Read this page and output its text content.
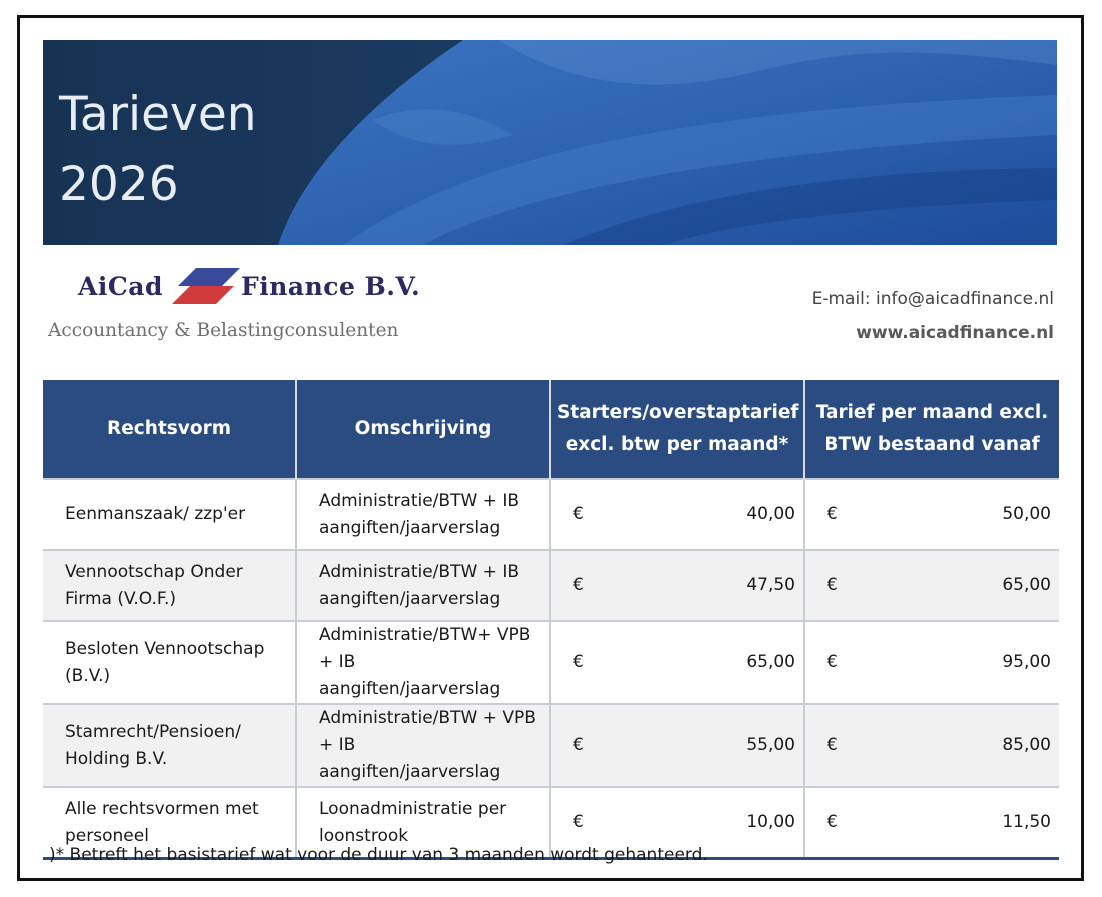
Tarieven
2026
AiCad	Finance B.V.
Accountancy & Belastingconsulenten
E-mail: info@aicadfinance.nl
www.aicadfinance.nl
Rechtsvorm	Omschrijving	Starters/overstaptarief excl. btw per maand*	Tarief per maand excl. BTW bestaand vanaf
Eenmanszaak/ zzp'er	Administratie/BTW + IB aangiften/jaarverslag	€ 40,00	€ 50,00

Vennootschap Onder Firma (V.O.F.)	Administratie/BTW + IB aangiften/jaarverslag	€ 47,50	€ 65,00

Besloten Vennootschap (B.V.)	Administratie/BTW+ VPB + IB aangiften/jaarverslag	€ 65,00	€ 95,00

Stamrecht/Pensioen/ Holding B.V.	Administratie/BTW + VPB + IB aangiften/jaarverslag	€ 55,00	€ 85,00

Alle rechtsvormen met personeel	Loonadministratie per loonstrook	€ 10,00	€ 11,50
)* Betreft het basistarief wat voor de duur van 3 maanden wordt gehanteerd.
